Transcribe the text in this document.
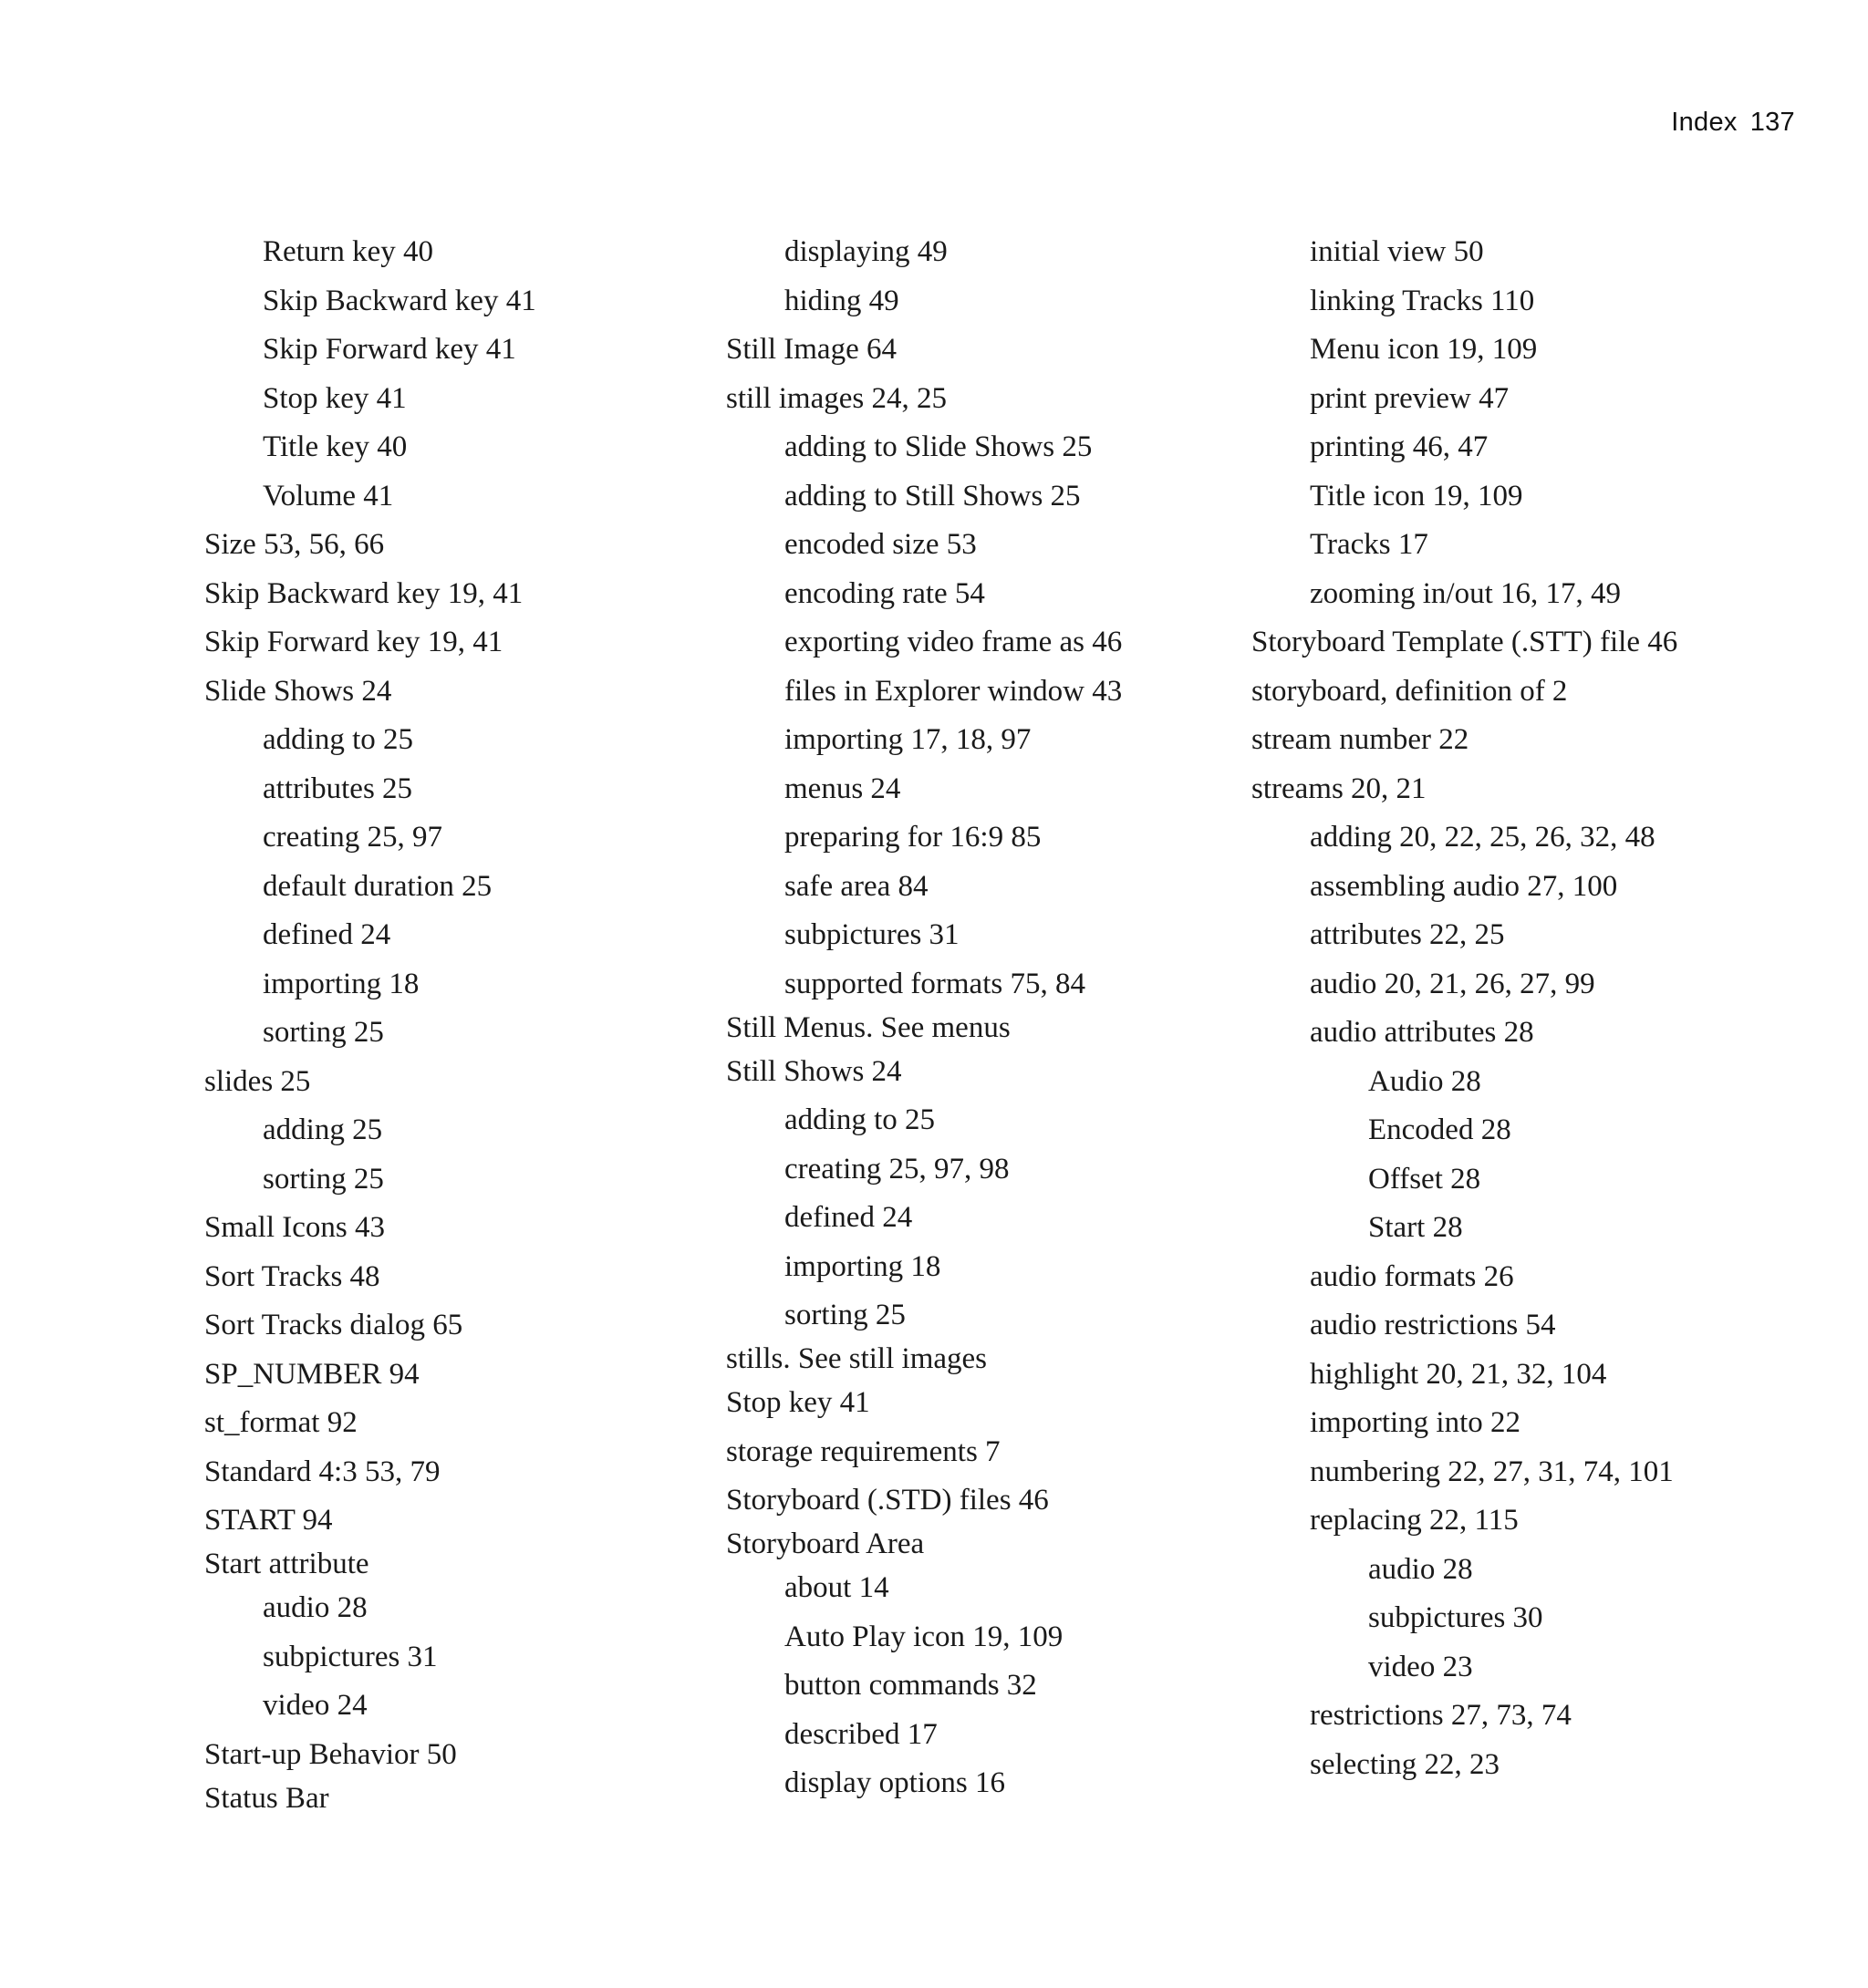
Index 137
Return key 40
Skip Backward key 41
Skip Forward key 41
Stop key 41
Title key 40
Volume 41
Size 53, 56, 66
Skip Backward key 19, 41
Skip Forward key 19, 41
Slide Shows 24
adding to 25
attributes 25
creating 25, 97
default duration 25
defined 24
importing 18
sorting 25
slides 25
adding 25
sorting 25
Small Icons 43
Sort Tracks 48
Sort Tracks dialog 65
SP_NUMBER 94
st_format 92
Standard 4:3 53, 79
START 94
Start attribute
audio 28
subpictures 31
video 24
Start-up Behavior 50
Status Bar
displaying 49
hiding 49
Still Image 64
still images 24, 25
adding to Slide Shows 25
adding to Still Shows 25
encoded size 53
encoding rate 54
exporting video frame as 46
files in Explorer window 43
importing 17, 18, 97
menus 24
preparing for 16:9 85
safe area 84
subpictures 31
supported formats 75, 84
Still Menus. See menus
Still Shows 24
adding to 25
creating 25, 97, 98
defined 24
importing 18
sorting 25
stills. See still images
Stop key 41
storage requirements 7
Storyboard (.STD) files 46
Storyboard Area
about 14
Auto Play icon 19, 109
button commands 32
described 17
display options 16
initial view 50
linking Tracks 110
Menu icon 19, 109
print preview 47
printing 46, 47
Title icon 19, 109
Tracks 17
zooming in/out 16, 17, 49
Storyboard Template (.STT) file 46
storyboard, definition of 2
stream number 22
streams 20, 21
adding 20, 22, 25, 26, 32, 48
assembling audio 27, 100
attributes 22, 25
audio 20, 21, 26, 27, 99
audio attributes 28
Audio 28
Encoded 28
Offset 28
Start 28
audio formats 26
audio restrictions 54
highlight 20, 21, 32, 104
importing into 22
numbering 22, 27, 31, 74, 101
replacing 22, 115
audio 28
subpictures 30
video 23
restrictions 27, 73, 74
selecting 22, 23
